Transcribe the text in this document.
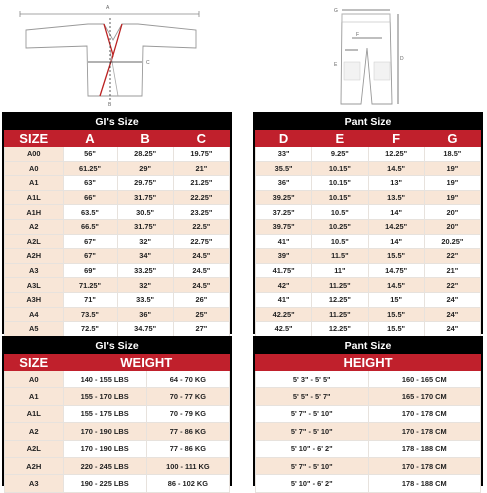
A
B
C
G
D
E
F
GI's Size
SIZE	A	B	C
A00	56"	28.25"	19.75"
A0	61.25"	29"	21"
A1	63"	29.75"	21.25"
A1L	66"	31.75"	22.25"
A1H	63.5"	30.5"	23.25"
A2	66.5"	31.75"	22.5"
A2L	67"	32"	22.75"
A2H	67"	34"	24.5"
A3	69"	33.25"	24.5"
A3L	71.25"	32"	24.5"
A3H	71"	33.5"	26"
A4	73.5"	36"	25"
A5	72.5"	34.75"	27"
Pant Size
D	E	F	G
33"	9.25"	12.25"	18.5"
35.5"	10.15"	14.5"	19"
36"	10.15"	13"	19"
39.25"	10.15"	13.5"	19"
37.25"	10.5"	14"	20"
39.75"	10.25"	14.25"	20"
41"	10.5"	14"	20.25"
39"	11.5"	15.5"	22"
41.75"	11"	14.75"	21"
42"	11.25"	14.5"	22"
41"	12.25"	15"	24"
42.25"	11.25"	15.5"	24"
42.5"	12.25"	15.5"	24"
GI's Size
SIZE	WEIGHT	
A0	140 - 155 LBS	64 - 70 KG
A1	155 - 170 LBS	70 - 77 KG
A1L	155 - 175 LBS	70 - 79 KG
A2	170 - 190 LBS	77 - 86 KG
A2L	170 - 190 LBS	77 - 86 KG
A2H	220 - 245 LBS	100 - 111 KG
A3	190 - 225 LBS	86 - 102 KG
Pant Size
HEIGHT	
5' 3" - 5' 5"	160 - 165 CM
5' 5" - 5' 7"	165 - 170 CM
5' 7" - 5' 10"	170 - 178 CM
5' 7" - 5' 10"	170 - 178 CM
5' 10" - 6' 2"	178 - 188 CM
5' 7" - 5' 10"	170 - 178 CM
5' 10" - 6' 2"	178 - 188 CM
